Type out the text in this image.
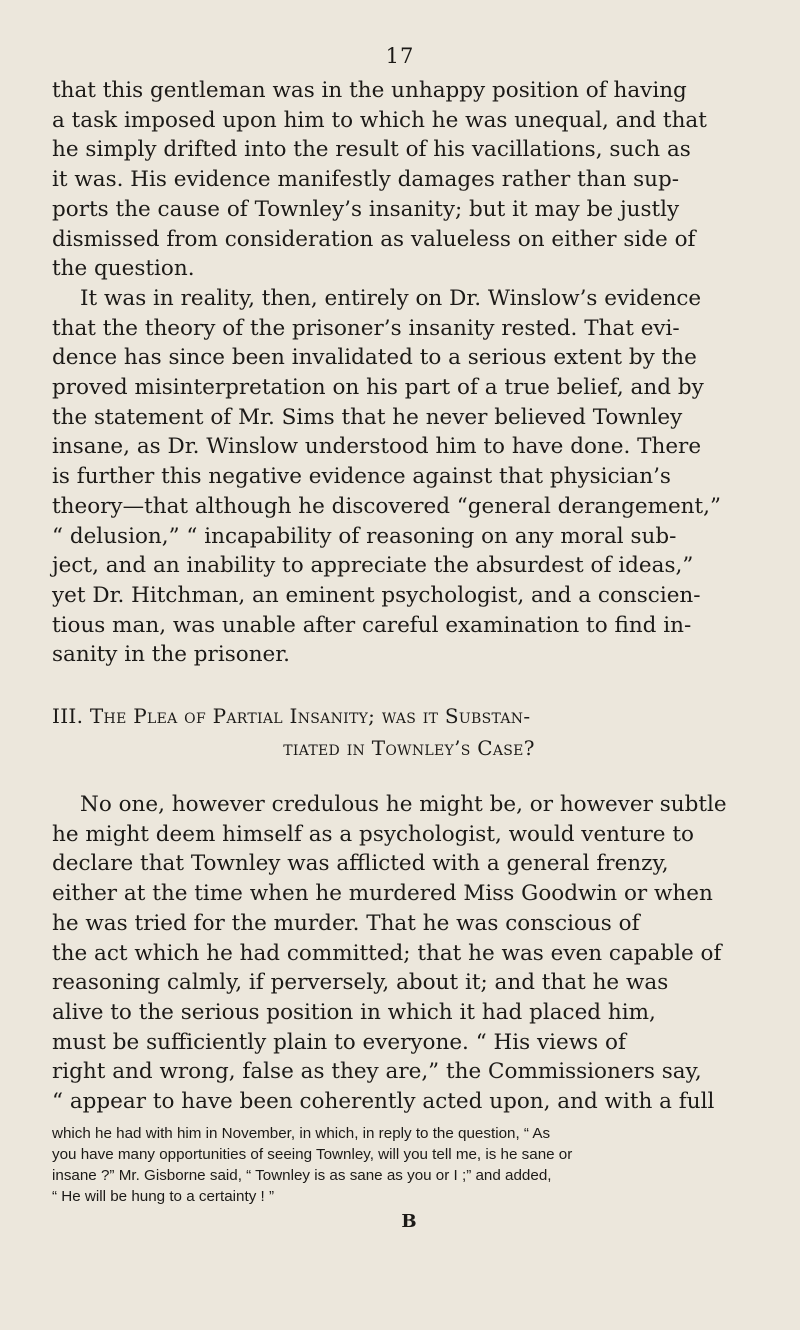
17

that this gentleman was in the unhappy position of having
a task imposed upon him to which he was unequal, and that
he simply drifted into the result of his vacillations, such as
it was. His evidence manifestly damages rather than sup-
ports the cause of Townley’s insanity; but it may be justly
dismissed from consideration as valueless on either side of
the question.

It was in reality, then, entirely on Dr. Winslow’s evidence
that the theory of the prisoner’s insanity rested. That evi-
dence has since been invalidated to a serious extent by the
proved misinterpretation on his part of a true belief, and by
the statement of Mr. Sims that he never believed Townley
insane, as Dr. Winslow understood him to have done. There
is further this negative evidence against that physician’s
theory—that although he discovered “general derangement,”
“ delusion,” “ incapability of reasoning on any moral sub-
ject, and an inability to appreciate the absurdest of ideas,”
yet Dr. Hitchman, an eminent psychologist, and a conscien-
tious man, was unable after careful examination to find in-
sanity in the prisoner.

III. The Plea of Partial Insanity; was it Substan-
tiated in Townley’s Case?

No one, however credulous he might be, or however subtle
he might deem himself as a psychologist, would venture to
declare that Townley was afflicted with a general frenzy,
either at the time when he murdered Miss Goodwin or when
he was tried for the murder. That he was conscious of
the act which he had committed; that he was even capable of
reasoning calmly, if perversely, about it; and that he was
alive to the serious position in which it had placed him,
must be sufficiently plain to everyone. “ His views of
right and wrong, false as they are,” the Commissioners say,
“ appear to have been coherently acted upon, and with a full

which he had with him in November, in which, in reply to the question, “ As
you have many opportunities of seeing Townley, will you tell me, is he sane or
insane ?” Mr. Gisborne said, “ Townley is as sane as you or I ;” and added,
“ He will be hung to a certainty ! ”
B
